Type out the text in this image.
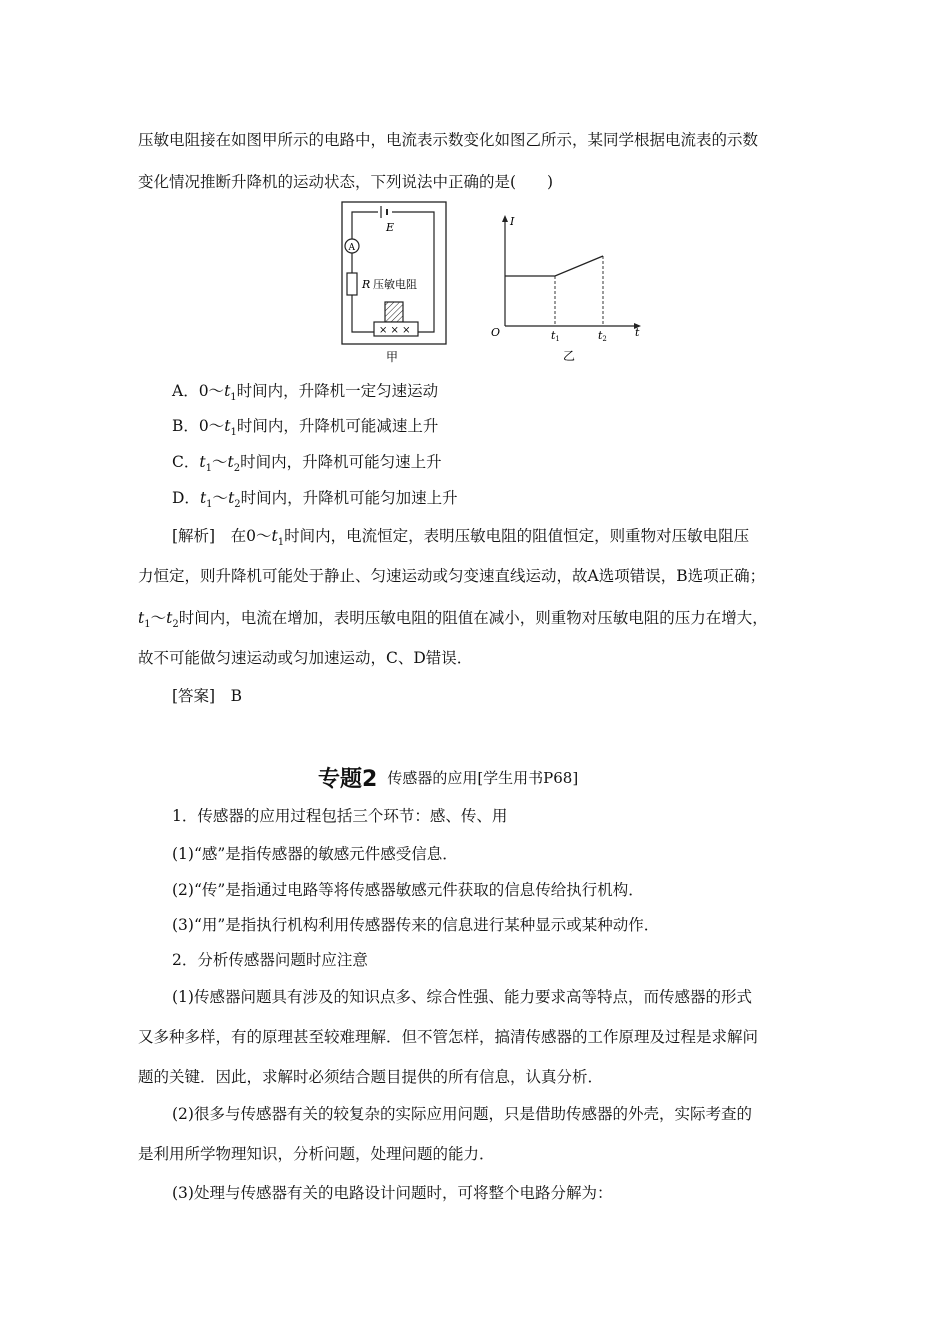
压敏电阻接在如图甲所示的电路中，电流表示数变化如图乙所示，某同学根据电流表的示数
变化情况推断升降机的运动状态，下列说法中正确的是(　　)
E
A
R 压敏电阻
× × ×
甲
I
t
O	t1	t2
乙
A．$0\sim t_1$时间内，升降机一定匀速运动
B．$0\sim t_1$时间内，升降机可能减速上升
C．$t_1\sim t_2$时间内，升降机可能匀速上升
D．$t_1\sim t_2$时间内，升降机可能匀加速上升
[解析]　在$0\sim t_1$时间内，电流恒定，表明压敏电阻的阻值恒定，则重物对压敏电阻压
力恒定，则升降机可能处于静止、匀速运动或匀变速直线运动，故A选项错误，B选项正确；
$t_1\sim t_2$时间内，电流在增加，表明压敏电阻的阻值在减小，则重物对压敏电阻的压力在增大，
故不可能做匀速运动或匀加速运动，C、D错误．
[答案]　B
专题2 传感器的应用[学生用书P68]
1．传感器的应用过程包括三个环节：感、传、用
(1)“感”是指传感器的敏感元件感受信息．
(2)“传”是指通过电路等将传感器敏感元件获取的信息传给执行机构．
(3)“用”是指执行机构利用传感器传来的信息进行某种显示或某种动作．
2．分析传感器问题时应注意
(1)传感器问题具有涉及的知识点多、综合性强、能力要求高等特点，而传感器的形式
又多种多样，有的原理甚至较难理解．但不管怎样，搞清传感器的工作原理及过程是求解问
题的关键．因此，求解时必须结合题目提供的所有信息，认真分析．
(2)很多与传感器有关的较复杂的实际应用问题，只是借助传感器的外壳，实际考查的
是利用所学物理知识，分析问题，处理问题的能力．
(3)处理与传感器有关的电路设计问题时，可将整个电路分解为：
